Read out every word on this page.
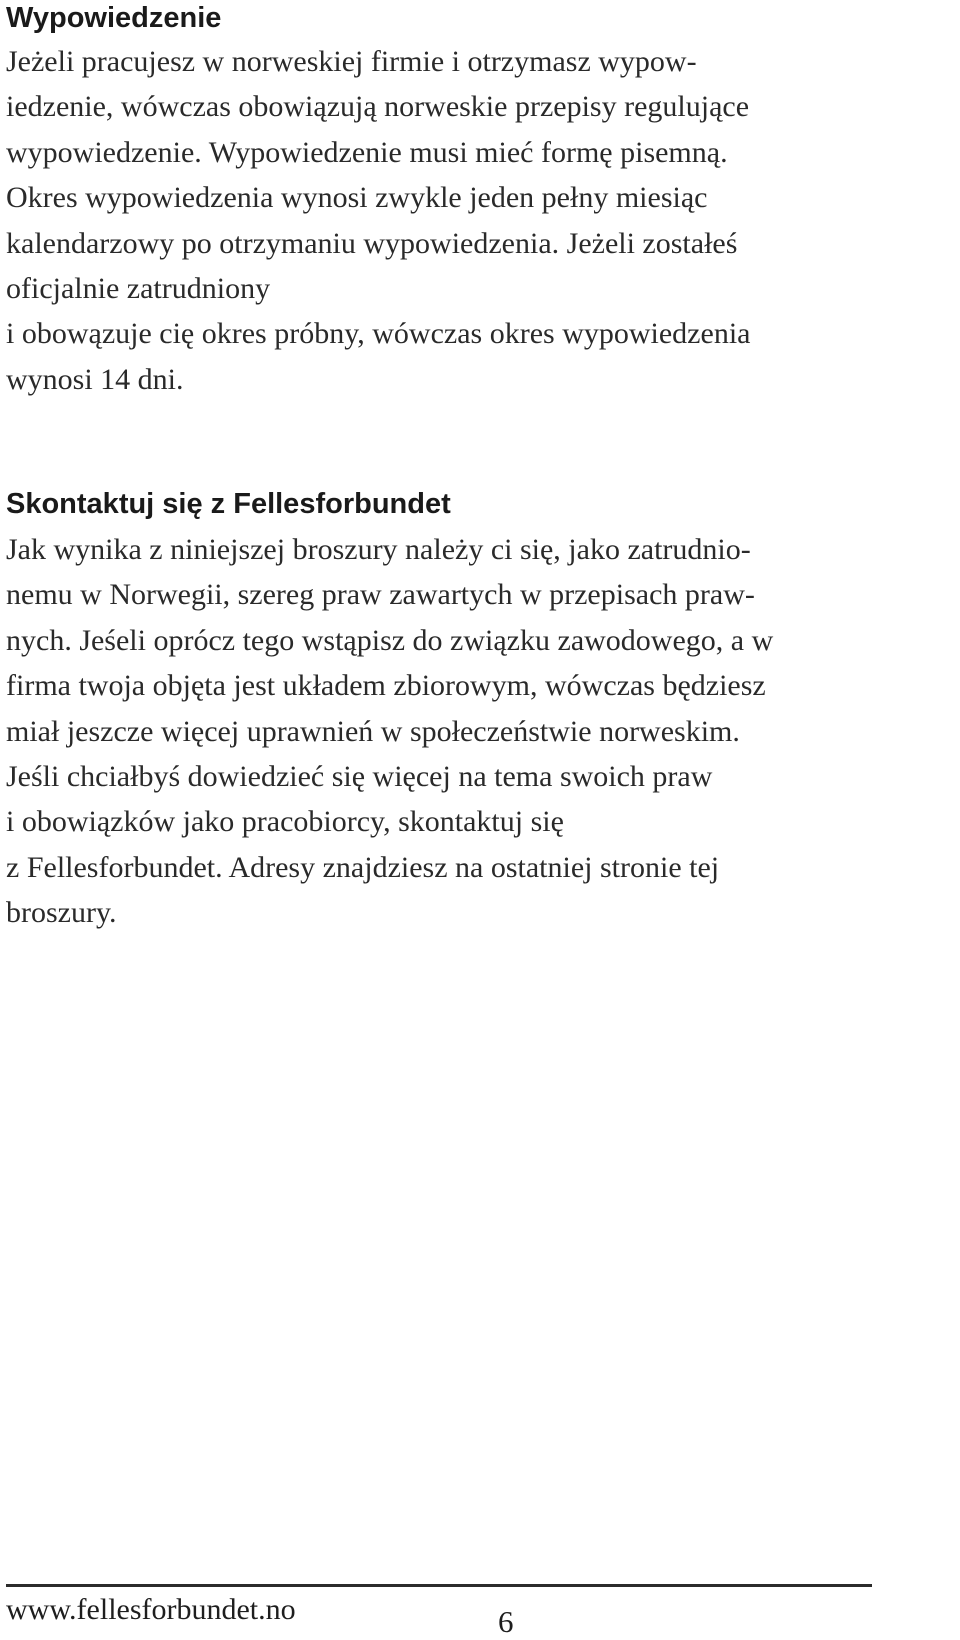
Wypowiedzenie
Jeżeli pracujesz w norweskiej firmie i otrzymasz wypow-
iedzenie, wówczas obowiązują norweskie przepisy regulujące
wypowiedzenie. Wypowiedzenie musi mieć formę pisemną.
Okres wypowiedzenia wynosi zwykle jeden pełny miesiąc
kalendarzowy po otrzymaniu wypowiedzenia. Jeżeli zostałeś
oficjalnie zatrudniony
i obowązuje cię okres próbny, wówczas okres wypowiedzenia
wynosi 14 dni.
Skontaktuj się z Fellesforbundet
Jak wynika z niniejszej broszury należy ci się, jako zatrudnio-
nemu w Norwegii, szereg praw zawartych w przepisach praw-
nych. Jeśeli oprócz tego wstąpisz do związku zawodowego, a w
firma twoja objęta jest układem zbiorowym, wówczas będziesz
miał jeszcze więcej uprawnień w społeczeństwie norweskim.
Jeśli chciałbyś dowiedzieć się więcej na tema swoich praw
i obowiązków jako pracobiorcy, skontaktuj się
z Fellesforbundet. Adresy znajdziesz na ostatniej stronie tej
broszury.
www.fellesforbundet.no	6
